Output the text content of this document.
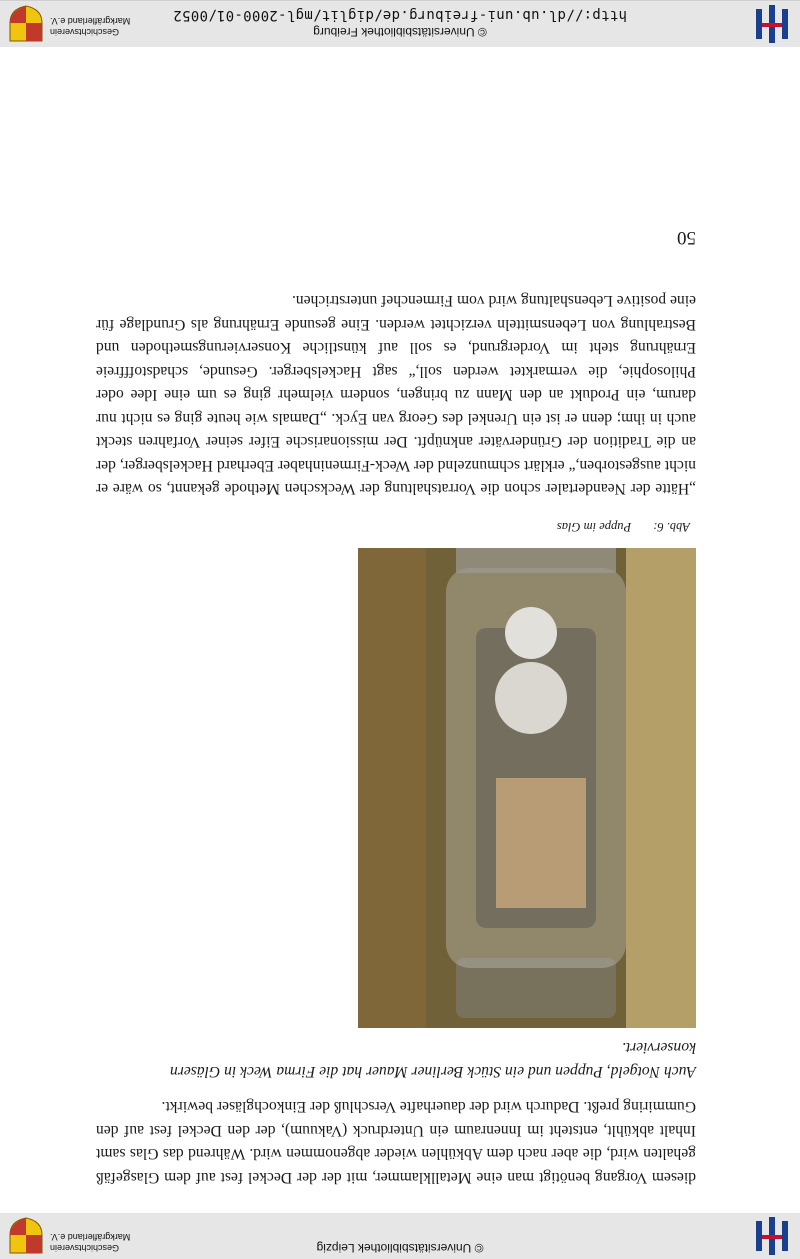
© Universitätsbibliothek Leipzig
Geschichtsverein
Markgräflerland e.V.

diesem Vorgang benötigt man eine Metallklammer, mit der der Deckel fest auf dem Glasgefäß gehalten wird, die aber nach dem Abkühlen wieder abgenommen wird. Während das Glas samt Inhalt abkühlt, entsteht im Innenraum ein Unterdruck (Vakuum), der den Deckel fest auf den Gummiring preßt. Dadurch wird der dauerhafte Verschluß der Einkochgläser bewirkt.

Auch Notgeld, Puppen und ein Stück Berliner Mauer hat die Firma Weck in Gläsern konserviert.

Abb. 6:Puppe im Glas

„Hätte der Neandertaler schon die Vorratshaltung der Weckschen Methode gekannt, so wäre er nicht ausgestorben,“ erklärt schmunzelnd der Weck-Firmeninhaber Eberhard Hackelsberger, der an die Tradition der Gründerväter anknüpft. Der missionarische Eifer seiner Vorfahren steckt auch in ihm; denn er ist ein Urenkel des Georg van Eyck. „Damals wie heute ging es nicht nur darum, ein Produkt an den Mann zu bringen, sondern vielmehr ging es um eine Idee oder Philosophie, die vermarktet werden soll,“ sagt Hackelsberger. Gesunde, schadstofffreie Ernährung steht im Vordergrund, es soll auf künstliche Konservierungsmethoden und Bestrahlung von Lebensmitteln verzichtet werden. Eine gesunde Ernährung als Grundlage für eine positive Lebenshaltung wird vom Firmenchef unterstrichen.

50
© Universitätsbibliothek Freiburg
http://dl.ub.uni-freiburg.de/diglit/mgl-2000-01/0052
Geschichtsverein
Markgräflerland e.V.
